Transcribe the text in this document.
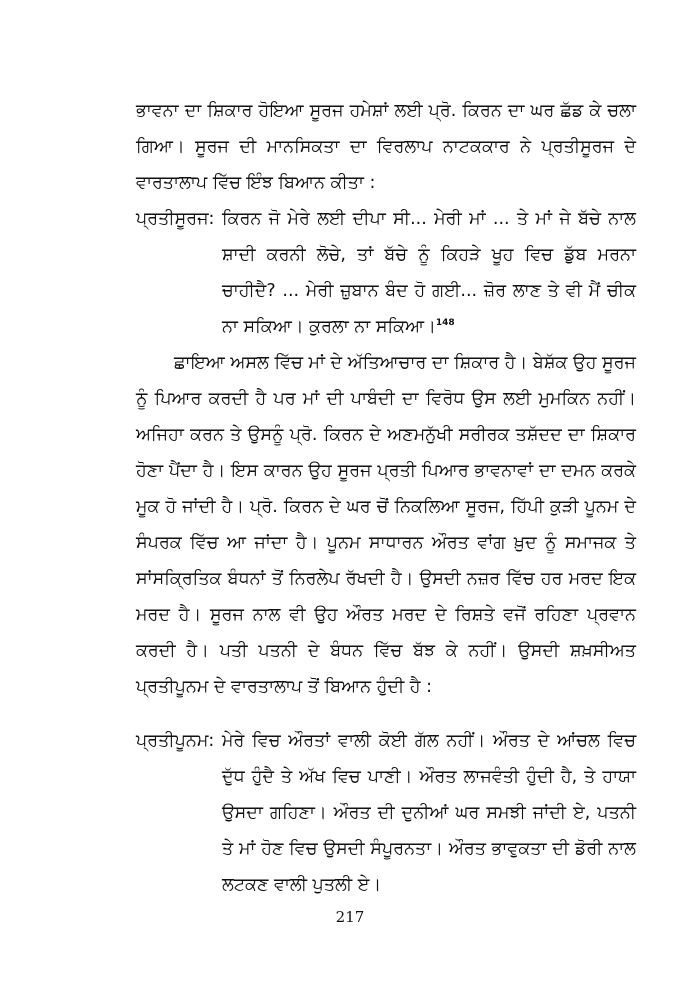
ਭਾਵਨਾ ਦਾ ਸ਼ਿਕਾਰ ਹੋਇਆ ਸੂਰਜ ਹਮੇਸ਼ਾਂ ਲਈ ਪ੍ਰੋ. ਕਿਰਨ ਦਾ ਘਰ ਛੱਡ ਕੇ ਚਲਾ ਗਿਆ। ਸੂਰਜ ਦੀ ਮਾਨਸਿਕਤਾ ਦਾ ਵਿਰਲਾਪ ਨਾਟਕਕਾਰ ਨੇ ਪ੍ਰਤੀਸੂਰਜ ਦੇ ਵਾਰਤਾਲਾਪ ਵਿੱਚ ਇੰਝ ਬਿਆਨ ਕੀਤਾ :

ਪ੍ਰਤੀਸੂਰਜ: ਕਿਰਨ ਜੋ ਮੇਰੇ ਲਈ ਦੀਪਾ ਸੀ... ਮੇਰੀ ਮਾਂ ... ਤੇ ਮਾਂ ਜੇ ਬੱਚੇ ਨਾਲ ਸ਼ਾਦੀ ਕਰਨੀ ਲੋਚੇ, ਤਾਂ ਬੱਚੇ ਨੂੰ ਕਿਹੜੇ ਖੂਹ ਵਿਚ ਡੁੱਬ ਮਰਨਾ ਚਾਹੀਦੈ? ... ਮੇਰੀ ਜ਼ੁਬਾਨ ਬੰਦ ਹੋ ਗਈ... ਜ਼ੋਰ ਲਾਣ ਤੇ ਵੀ ਮੈਂ ਚੀਕ ਨਾ ਸਕਿਆ। ਕੁਰਲਾ ਨਾ ਸਕਿਆ।$^{148}$

ਛਾਇਆ ਅਸਲ ਵਿੱਚ ਮਾਂ ਦੇ ਅੱਤਿਆਚਾਰ ਦਾ ਸ਼ਿਕਾਰ ਹੈ। ਬੇਸ਼ੱਕ ਉਹ ਸੂਰਜ ਨੂੰ ਪਿਆਰ ਕਰਦੀ ਹੈ ਪਰ ਮਾਂ ਦੀ ਪਾਬੰਦੀ ਦਾ ਵਿਰੋਧ ਉਸ ਲਈ ਮੁਮਕਿਨ ਨਹੀਂ। ਅਜਿਹਾ ਕਰਨ ਤੇ ਉਸਨੂੰ ਪ੍ਰੋ. ਕਿਰਨ ਦੇ ਅਣਮਨੁੱਖੀ ਸਰੀਰਕ ਤਸ਼ੱਦਦ ਦਾ ਸ਼ਿਕਾਰ ਹੋਣਾ ਪੈਂਦਾ ਹੈ। ਇਸ ਕਾਰਨ ਉਹ ਸੂਰਜ ਪ੍ਰਤੀ ਪਿਆਰ ਭਾਵਨਾਵਾਂ ਦਾ ਦਮਨ ਕਰਕੇ ਮੂਕ ਹੋ ਜਾਂਦੀ ਹੈ। ਪ੍ਰੋ. ਕਿਰਨ ਦੇ ਘਰ ਚੋਂ ਨਿਕਲਿਆ ਸੂਰਜ, ਹਿੱਪੀ ਕੁੜੀ ਪੂਨਮ ਦੇ ਸੰਪਰਕ ਵਿੱਚ ਆ ਜਾਂਦਾ ਹੈ। ਪੂਨਮ ਸਾਧਾਰਨ ਔਰਤ ਵਾਂਗ ਖ਼ੁਦ ਨੂੰ ਸਮਾਜਕ ਤੇ ਸਾਂਸਕ੍ਰਿਤਿਕ ਬੰਧਨਾਂ ਤੋਂ ਨਿਰਲੇਪ ਰੱਖਦੀ ਹੈ। ਉਸਦੀ ਨਜ਼ਰ ਵਿੱਚ ਹਰ ਮਰਦ ਇਕ ਮਰਦ ਹੈ। ਸੂਰਜ ਨਾਲ ਵੀ ਉਹ ਔਰਤ ਮਰਦ ਦੇ ਰਿਸ਼ਤੇ ਵਜੋਂ ਰਹਿਣਾ ਪ੍ਰਵਾਨ ਕਰਦੀ ਹੈ। ਪਤੀ ਪਤਨੀ ਦੇ ਬੰਧਨ ਵਿੱਚ ਬੱਝ ਕੇ ਨਹੀਂ। ਉਸਦੀ ਸ਼ਖ਼ਸੀਅਤ ਪ੍ਰਤੀਪੂਨਮ ਦੇ ਵਾਰਤਾਲਾਪ ਤੋਂ ਬਿਆਨ ਹੁੰਦੀ ਹੈ :

ਪ੍ਰਤੀਪੂਨਮ: ਮੇਰੇ ਵਿਚ ਔਰਤਾਂ ਵਾਲੀ ਕੋਈ ਗੱਲ ਨਹੀਂ। ਔਰਤ ਦੇ ਆਂਚਲ ਵਿਚ ਦੁੱਧ ਹੁੰਦੈ ਤੇ ਅੱਖ ਵਿਚ ਪਾਣੀ। ਔਰਤ ਲਾਜਵੰਤੀ ਹੁੰਦੀ ਹੈ, ਤੇ ਹਾਯਾ ਉਸਦਾ ਗਹਿਣਾ। ਔਰਤ ਦੀ ਦੁਨੀਆਂ ਘਰ ਸਮਝੀ ਜਾਂਦੀ ਏ, ਪਤਨੀ ਤੇ ਮਾਂ ਹੋਣ ਵਿਚ ਉਸਦੀ ਸੰਪੂਰਨਤਾ। ਔਰਤ ਭਾਵੁਕਤਾ ਦੀ ਡੋਰੀ ਨਾਲ ਲਟਕਣ ਵਾਲੀ ਪੁਤਲੀ ਏ।
217
